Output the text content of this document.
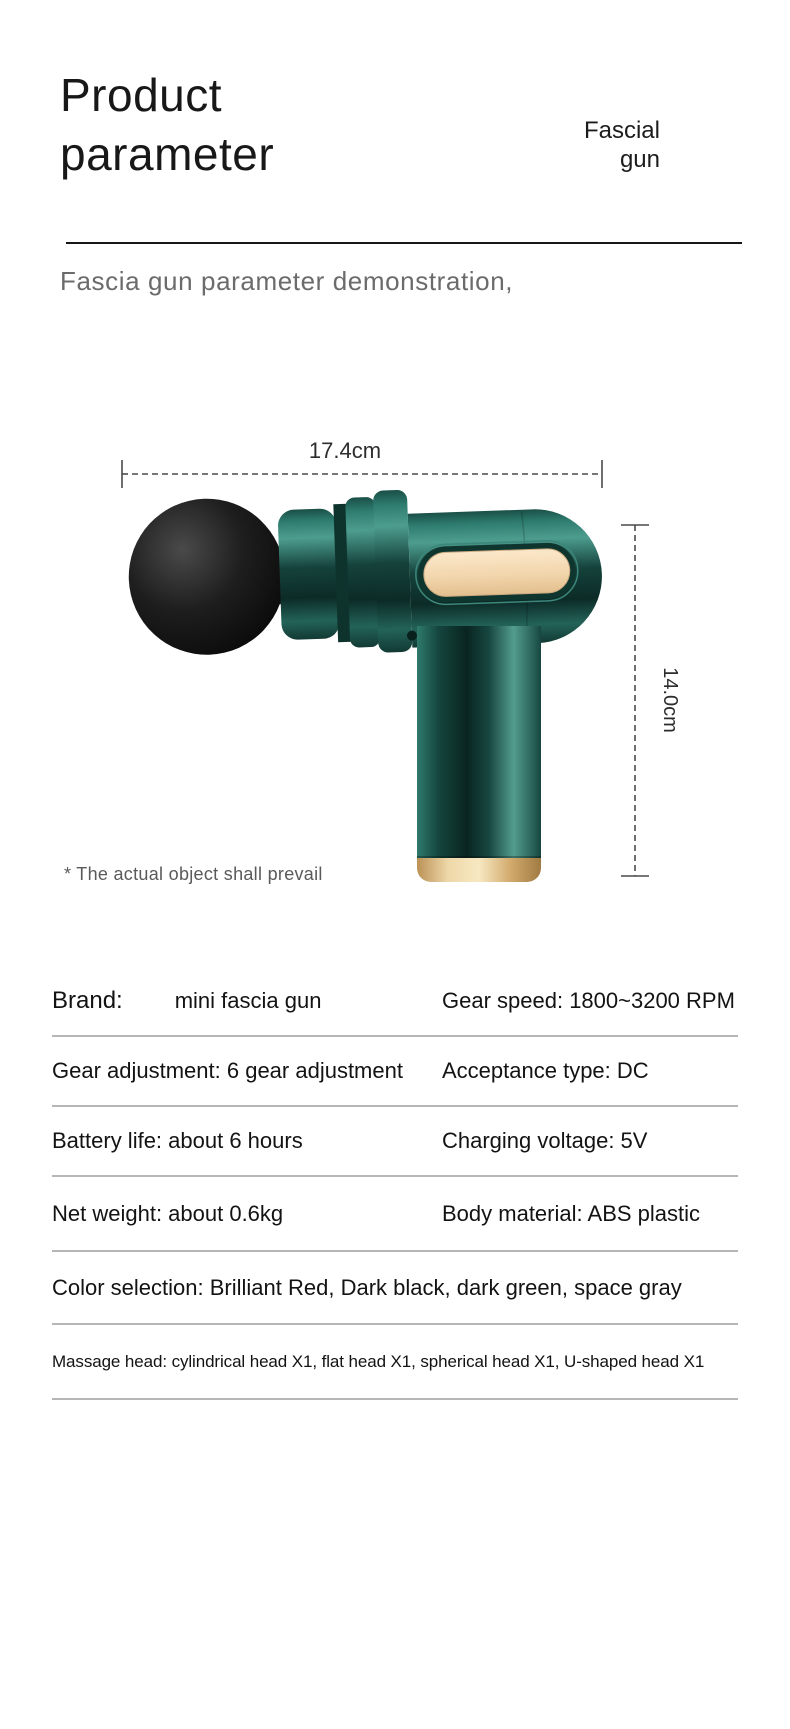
Product
parameter	Fascial
gun
Fascia gun parameter demonstration,
17.4cm
14.0cm
* The actual object shall prevail
Brand: mini fascia gun	Gear speed: 1800~3200 RPM
Gear adjustment: 6 gear adjustment	Acceptance type: DC
Battery life: about 6 hours	Charging voltage: 5V
Net weight: about 0.6kg	Body material: ABS plastic
Color selection: Brilliant Red, Dark black, dark green, space gray
Massage head: cylindrical head X1, flat head X1, spherical head X1, U-shaped head X1
